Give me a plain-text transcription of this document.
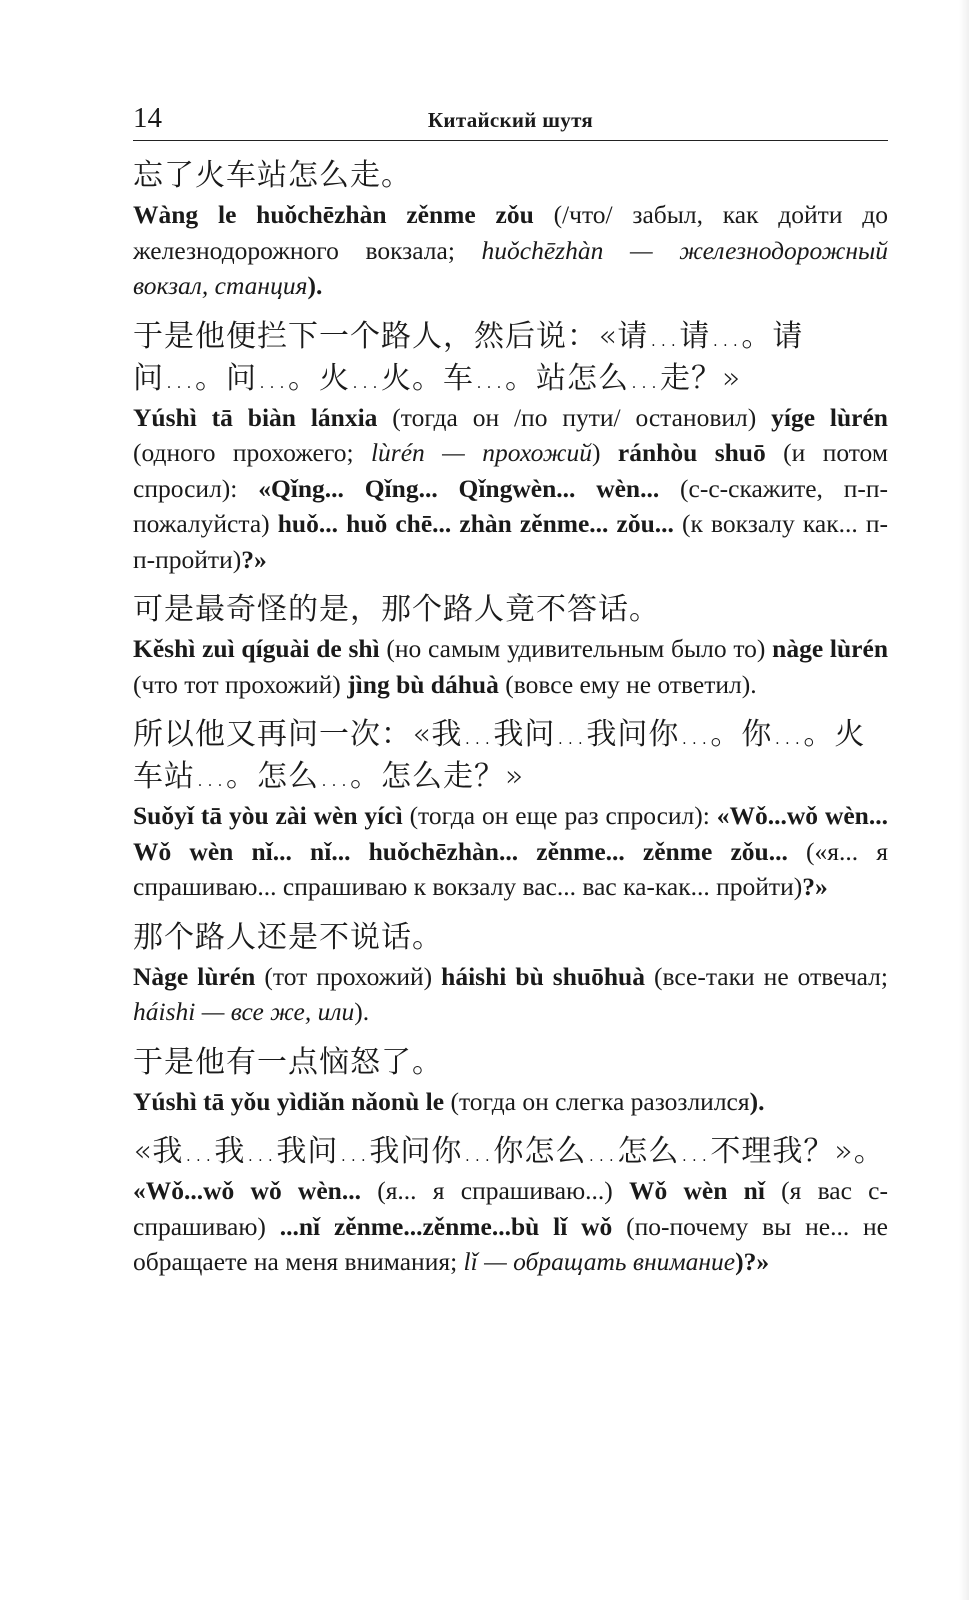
14	Китайский шутя
忘了火车站怎么走。
Wàng le huǒchēzhàn zěnme zǒu (/что/ забыл, как дойти до железнодорожного вокзала; huǒchēzhàn — железнодорожный вокзал, станция).
于是他便拦下一个路人，然后说：«请…请…。请问…。问…。火…火。车…。站怎么…走？»
Yúshì tā biàn lánxia (тогда он /по пути/ остановил) yíge lùrén (одного прохожего; lùrén — прохожий) ránhòu shuō (и потом спросил): «Qǐng... Qǐng... Qǐngwèn... wèn... (с-с-скажите, п-п-пожалуйста) huǒ... huǒ chē... zhàn zěnme... zǒu... (к вокзалу как... п-п-пройти)?»
可是最奇怪的是，那个路人竟不答话。
Kěshì zuì qíguài de shì (но самым удивительным было то) nàge lùrén (что тот прохожий) jìng bù dáhuà (вовсе ему не ответил).
所以他又再问一次：«我…我问…我问你…。你…。火车站…。怎么…。怎么走？»
Suǒyǐ tā yòu zài wèn yícì (тогда он еще раз спросил): «Wǒ...wǒ wèn... Wǒ wèn nǐ... nǐ... huǒchēzhàn... zěnme... zěnme zǒu... («я... я спрашиваю... спрашиваю к вокзалу вас... вас ка-как... пройти)?»
那个路人还是不说话。
Nàge lùrén (тот прохожий) háishi bù shuōhuà (все-таки не отвечал; háishi — все же, или).
于是他有一点恼怒了。
Yúshì tā yǒu yìdiǎn nǎonù le (тогда он слегка разозлился).
«我…我…我问…我问你…你怎么…怎么…不理我？»。
«Wǒ...wǒ wǒ wèn... (я... я спрашиваю...) Wǒ wèn nǐ (я вас с-спрашиваю) ...nǐ zěnme...zěnme...bù lǐ wǒ (по-почему вы не... не обращаете на меня внимания; lǐ — обращать внимание)?»
